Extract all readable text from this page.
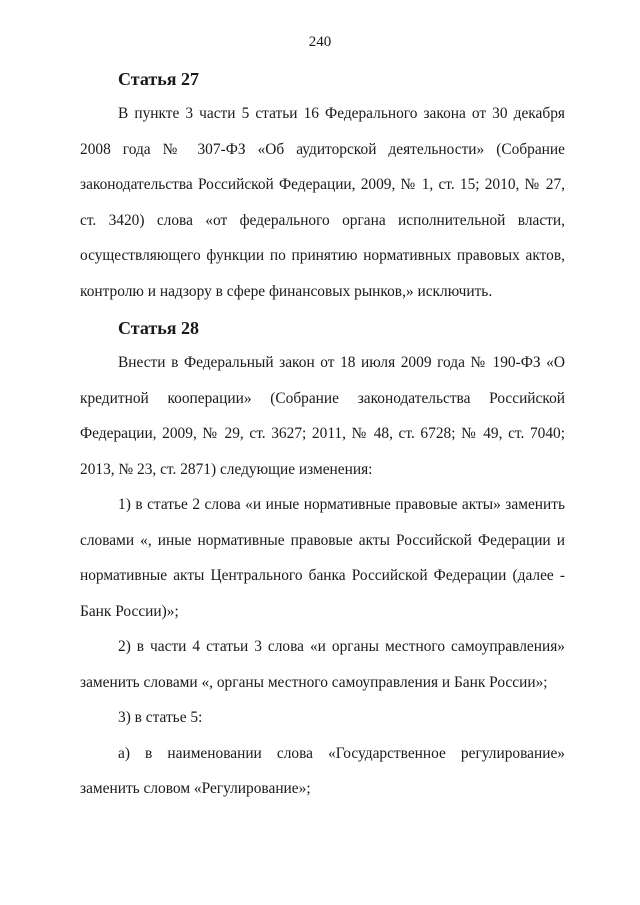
240
Статья 27

В пункте 3 части 5 статьи 16 Федерального закона от 30 декабря 2008 года № 307-ФЗ «Об аудиторской деятельности» (Собрание законодательства Российской Федерации, 2009, № 1, ст. 15; 2010, № 27, ст. 3420) слова «от федерального органа исполнительной власти, осуществляющего функции по принятию нормативных правовых актов, контролю и надзору в сфере финансовых рынков,» исключить.

Статья 28

Внести в Федеральный закон от 18 июля 2009 года № 190-ФЗ «О кредитной кооперации» (Собрание законодательства Российской Федерации, 2009, № 29, ст. 3627; 2011, № 48, ст. 6728; № 49, ст. 7040; 2013, № 23, ст. 2871) следующие изменения:

1) в статье 2 слова «и иные нормативные правовые акты» заменить словами «, иные нормативные правовые акты Российской Федерации и нормативные акты Центрального банка Российской Федерации (далее - Банк России)»;

2) в части 4 статьи 3 слова «и органы местного самоуправления» заменить словами «, органы местного самоуправления и Банк России»;

3) в статье 5:

а) в наименовании слова «Государственное регулирование» заменить словом «Регулирование»;
